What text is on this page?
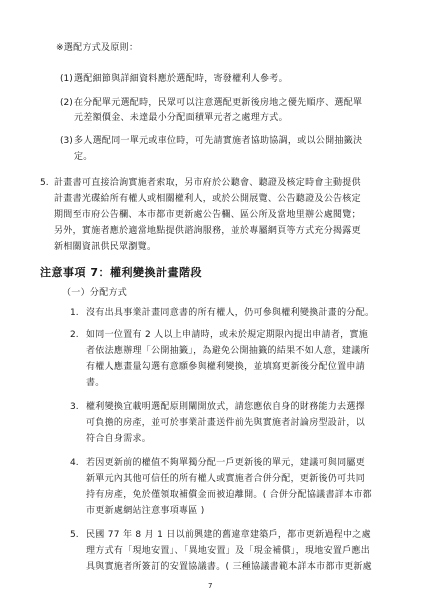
※選配方式及原則：
(1) 選配細節與詳細資料應於選配時，寄發權利人參考。
(2) 在分配單元選配時，民眾可以注意選配更新後房地之優先順序、選配單
元差額價金、未達最小分配面積單元者之處理方式。
(3) 多人選配同一單元或車位時，可先請實施者協助協調，或以公開抽籤決
定。
5. 計畫書可直接洽詢實施者索取，另市府於公聽會、聽證及核定時會主動提供
計畫書光碟給所有權人或相關權利人，或於公開展覽、公告聽證及公告核定
期間至市府公告欄、本市都市更新處公告欄、區公所及當地里辦公處閱覽；
另外，實施者應於適當地點提供諮詢服務，並於專屬網頁等方式充分揭露更
新相關資訊供民眾瀏覽。
注意事項 7：權利變換計畫階段
（一）分配方式
1. 沒有出具事業計畫同意書的所有權人，仍可參與權利變換計畫的分配。
2. 如同一位置有 2 人以上申請時，或未於規定期限內提出申請者，實施
者依法應辦理「公開抽籤」，為避免公開抽籤的結果不如人意，建議所
有權人應畫量勾選有意願參與權利變換，並填寫更新後分配位置申請
書。
3. 權利變換宜載明選配原則闡開放式，請您應依自身的財務能力去選擇
可負擔的房產，並可於事業計畫送件前先與實施者討論房型設計，以
符合自身需求。
4. 若因更新前的權值不夠單獨分配一戶更新後的單元，建議可與同屬更
新單元內其他可信任的所有權人或實施者合併分配，更新後仍可共同
持有房產，免於僅領取補償金而被迫離開。( 合併分配協議書詳本市都
市更新處網站注意事項專區 )
5. 民國 77 年 8 月 1 日以前興建的舊違章建築戶，都市更新過程中之處
理方式有「現地安置」、「異地安置」及「現金補償」，現地安置戶應出
具與實施者所簽訂的安置協議書。( 三種協議書範本詳本市都市更新處
7
